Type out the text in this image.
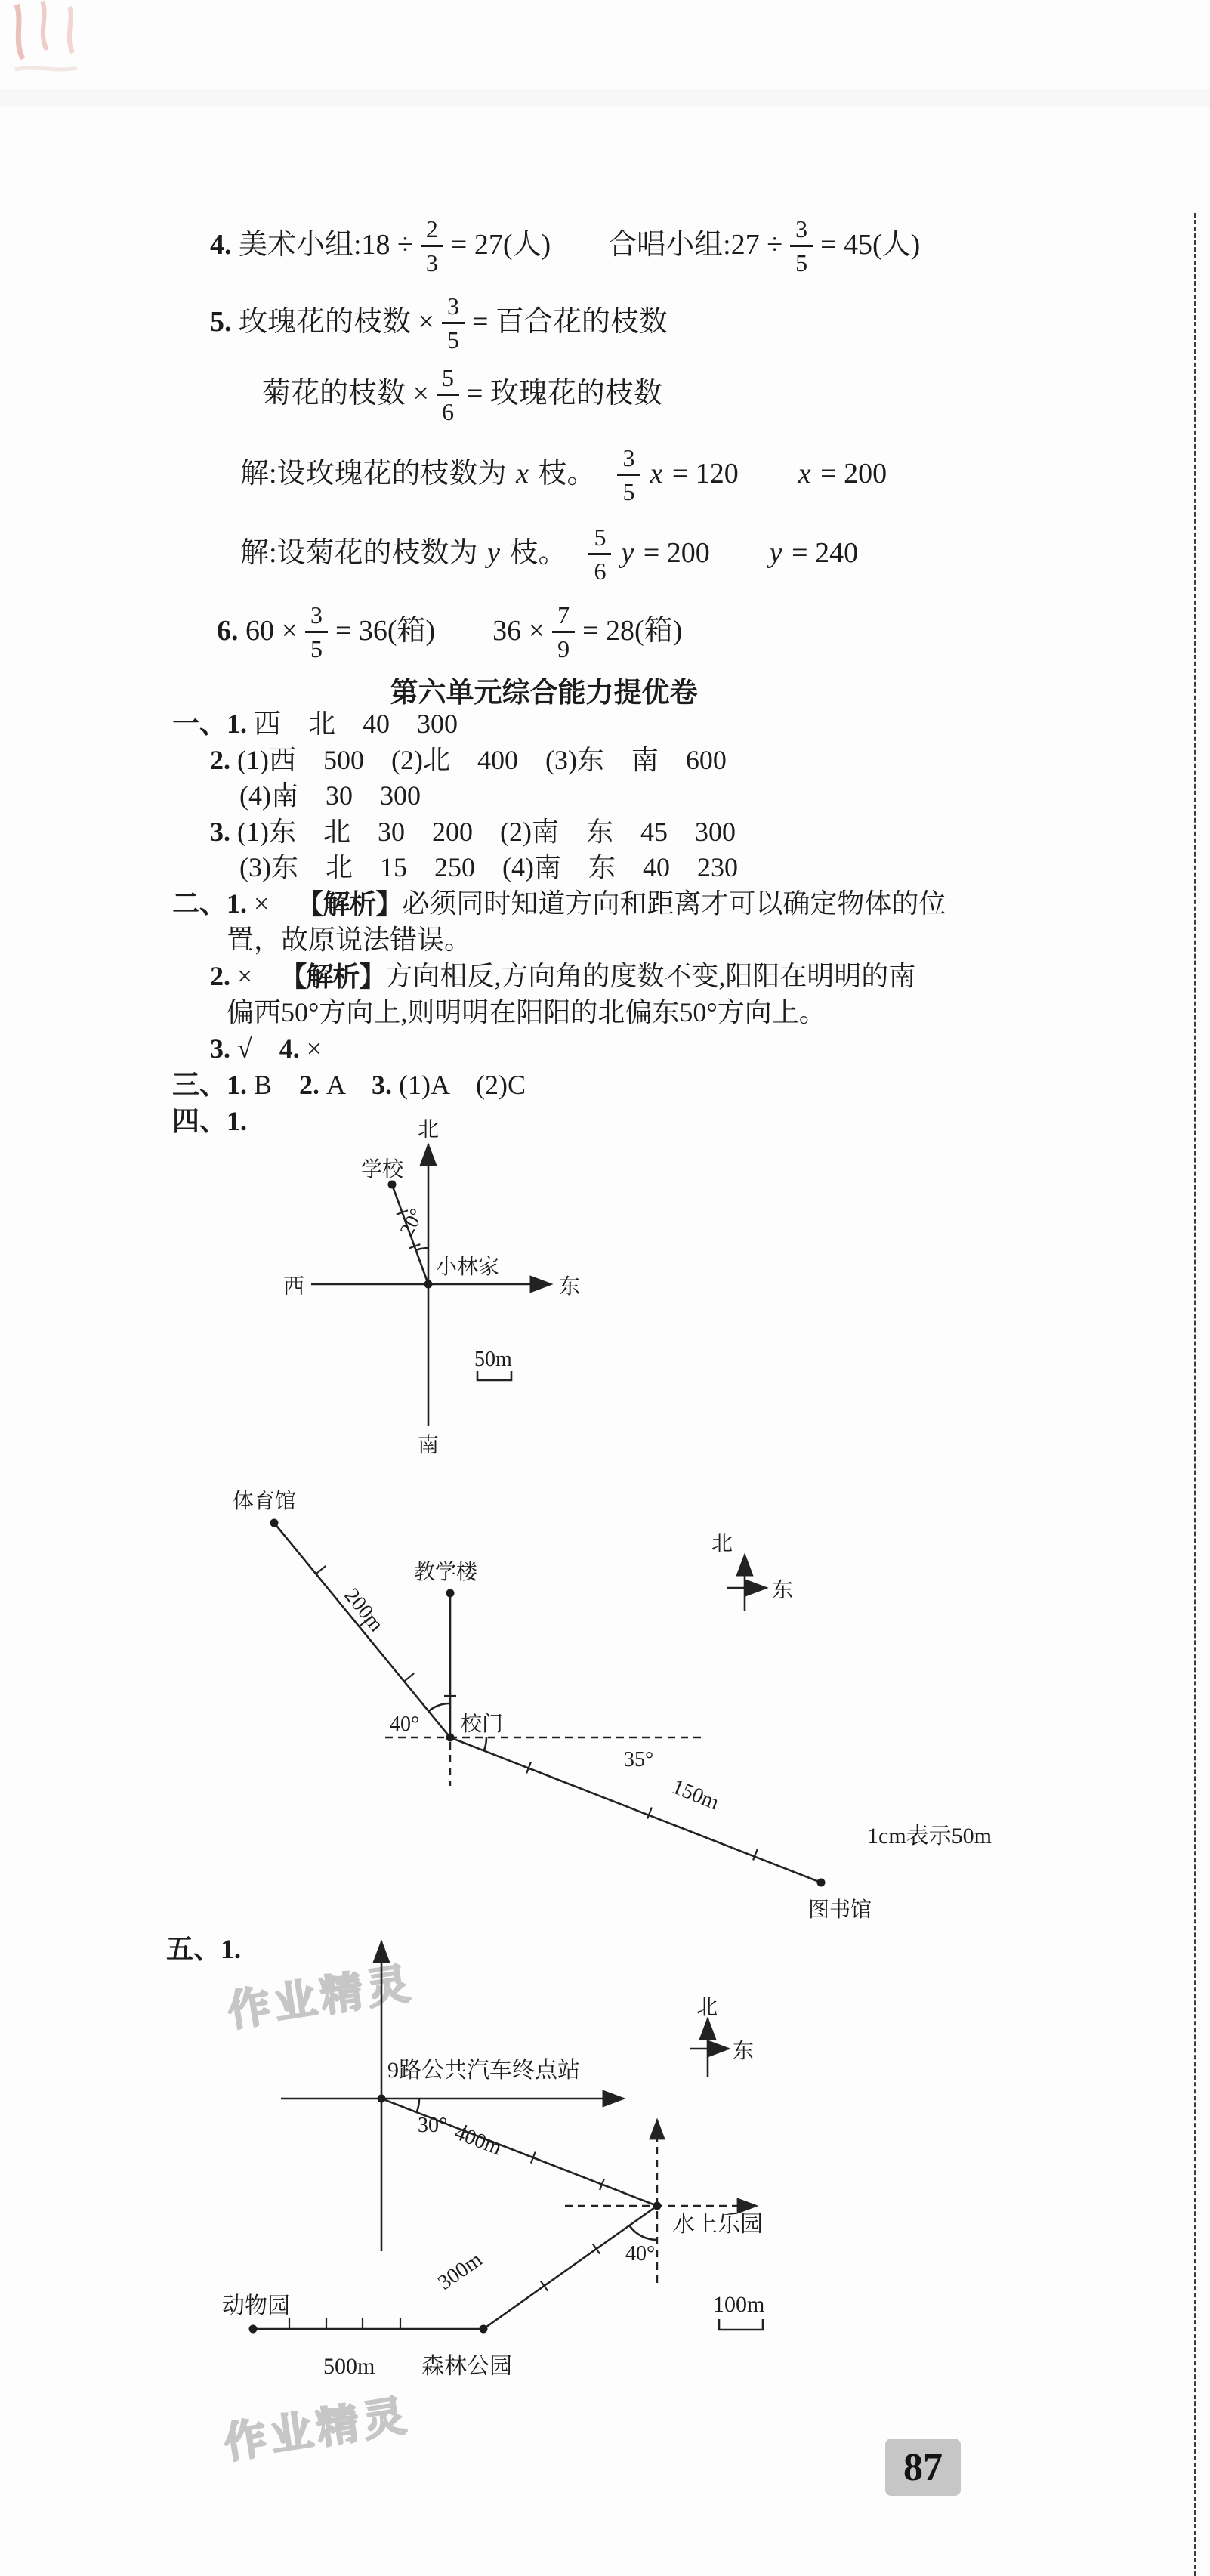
4. 美术小组:18 ÷ $\frac{2}{3} = 27$(人)　　合唱小组:27 ÷ $\frac{3}{5} = 45$(人)
5. 玫瑰花的枝数 × $\frac{3}{5}$ = 百合花的枝数
菊花的枝数 × $\frac{5}{6}$ = 玫瑰花的枝数
解:设玫瑰花的枝数为 x 枝。　 $\frac{3}{5}$ x = 120　　 x = 200
解:设菊花的枝数为 y 枝。　 $\frac{5}{6}$ y = 200　　 y = 240
6. $60 \times \frac{3}{5} = 36$(箱)　　$36 \times \frac{7}{9} = 28$(箱)
第六单元综合能力提优卷
一、 1. 西　北　40　300
2. (1)西　500　(2)北　400　(3)东　南　600
(4)南　30　300
3. (1)东　北　30　200　(2)南　东　45　300
(3)东　北　15　250　(4)南　东　40　230
二、 1. ×　 【解析】 必须同时知道方向和距离才可以确定物体的位
置，故原说法错误。
2. ×　 【解析】 方向相反,方向角的度数不变,阳阳在明明的南
偏西50°方向上,则明明在阳阳的北偏东50°方向上。
3. √　 4. ×
三、 1. B　 2. A　 3. (1)A　(2)C
四、 1.
五、 1.
北
南
西	东
小林家
学校
20°
50m
体育馆
教学楼
校门
40°
35°
150m
200m
图书馆
北
东
1cm表示50m
作业精灵
9路公共汽车终点站
30° 400m
水上乐园
40°
300m
动物园
500m 森林公园
北
东
100m
作业精灵
87
